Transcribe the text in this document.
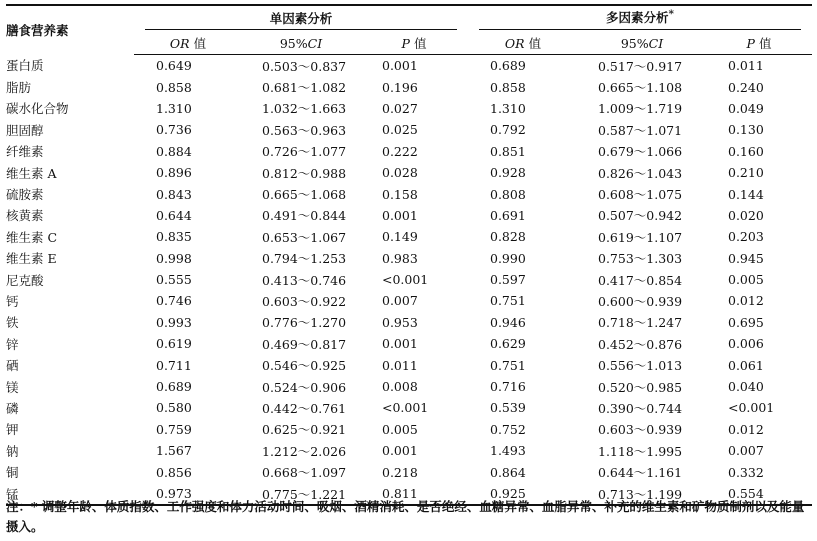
膳食营养素	单因素分析			多因素分析*

	OR 值	95%CI	P 值	OR 值	95%CI	P 值
蛋白质	0.649	0.503～0.837	0.001	0.689	0.517～0.917	0.011
脂肪	0.858	0.681～1.082	0.196	0.858	0.665～1.108	0.240
碳水化合物	1.310	1.032～1.663	0.027	1.310	1.009～1.719	0.049
胆固醇	0.736	0.563～0.963	0.025	0.792	0.587～1.071	0.130
纤维素	0.884	0.726～1.077	0.222	0.851	0.679～1.066	0.160
维生素 A	0.896	0.812～0.988	0.028	0.928	0.826～1.043	0.210
硫胺素	0.843	0.665～1.068	0.158	0.808	0.608～1.075	0.144
核黄素	0.644	0.491～0.844	0.001	0.691	0.507～0.942	0.020
维生素 C	0.835	0.653～1.067	0.149	0.828	0.619～1.107	0.203
维生素 E	0.998	0.794～1.253	0.983	0.990	0.753～1.303	0.945
尼克酸	0.555	0.413～0.746	<0.001	0.597	0.417～0.854	0.005
钙	0.746	0.603～0.922	0.007	0.751	0.600～0.939	0.012
铁	0.993	0.776～1.270	0.953	0.946	0.718～1.247	0.695
锌	0.619	0.469～0.817	0.001	0.629	0.452～0.876	0.006
硒	0.711	0.546～0.925	0.011	0.751	0.556～1.013	0.061
镁	0.689	0.524～0.906	0.008	0.716	0.520～0.985	0.040
磷	0.580	0.442～0.761	<0.001	0.539	0.390～0.744	<0.001
钾	0.759	0.625～0.921	0.005	0.752	0.603～0.939	0.012
钠	1.567	1.212～2.026	0.001	1.493	1.118～1.995	0.007
铜	0.856	0.668～1.097	0.218	0.864	0.644～1.161	0.332
锰	0.973	0.775～1.221	0.811	0.925	0.713～1.199	0.554
注：* 调整年龄、体质指数、工作强度和体力活动时间、吸烟、酒精消耗、是否绝经、血糖异常、血脂异常、补充的维生素和矿物质制剂以及能量摄入。
